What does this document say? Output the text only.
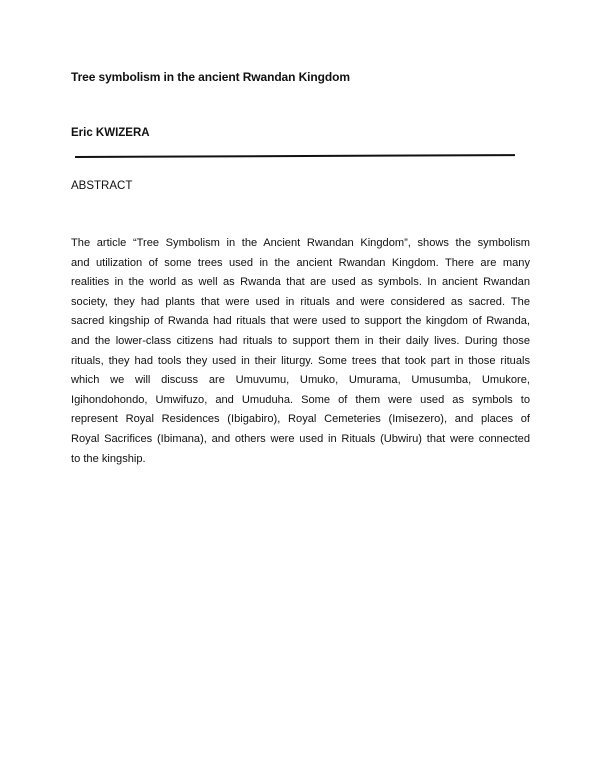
Tree symbolism in the ancient Rwandan Kingdom
Eric KWIZERA
ABSTRACT
The article “Tree Symbolism in the Ancient Rwandan Kingdom”, shows the symbolism
and utilization of some trees used in the ancient Rwandan Kingdom. There are many
realities in the world as well as Rwanda that are used as symbols. In ancient Rwandan
society, they had plants that were used in rituals and were considered as sacred. The
sacred kingship of Rwanda had rituals that were used to support the kingdom of Rwanda,
and the lower-class citizens had rituals to support them in their daily lives. During those
rituals, they had tools they used in their liturgy. Some trees that took part in those rituals
which we will discuss are Umuvumu, Umuko, Umurama, Umusumba, Umukore,
Igihondohondo, Umwifuzo, and Umuduha. Some of them were used as symbols to
represent Royal Residences (Ibigabiro), Royal Cemeteries (Imisezero), and places of
Royal Sacrifices (Ibimana), and others were used in Rituals (Ubwiru) that were connected
to the kingship.
